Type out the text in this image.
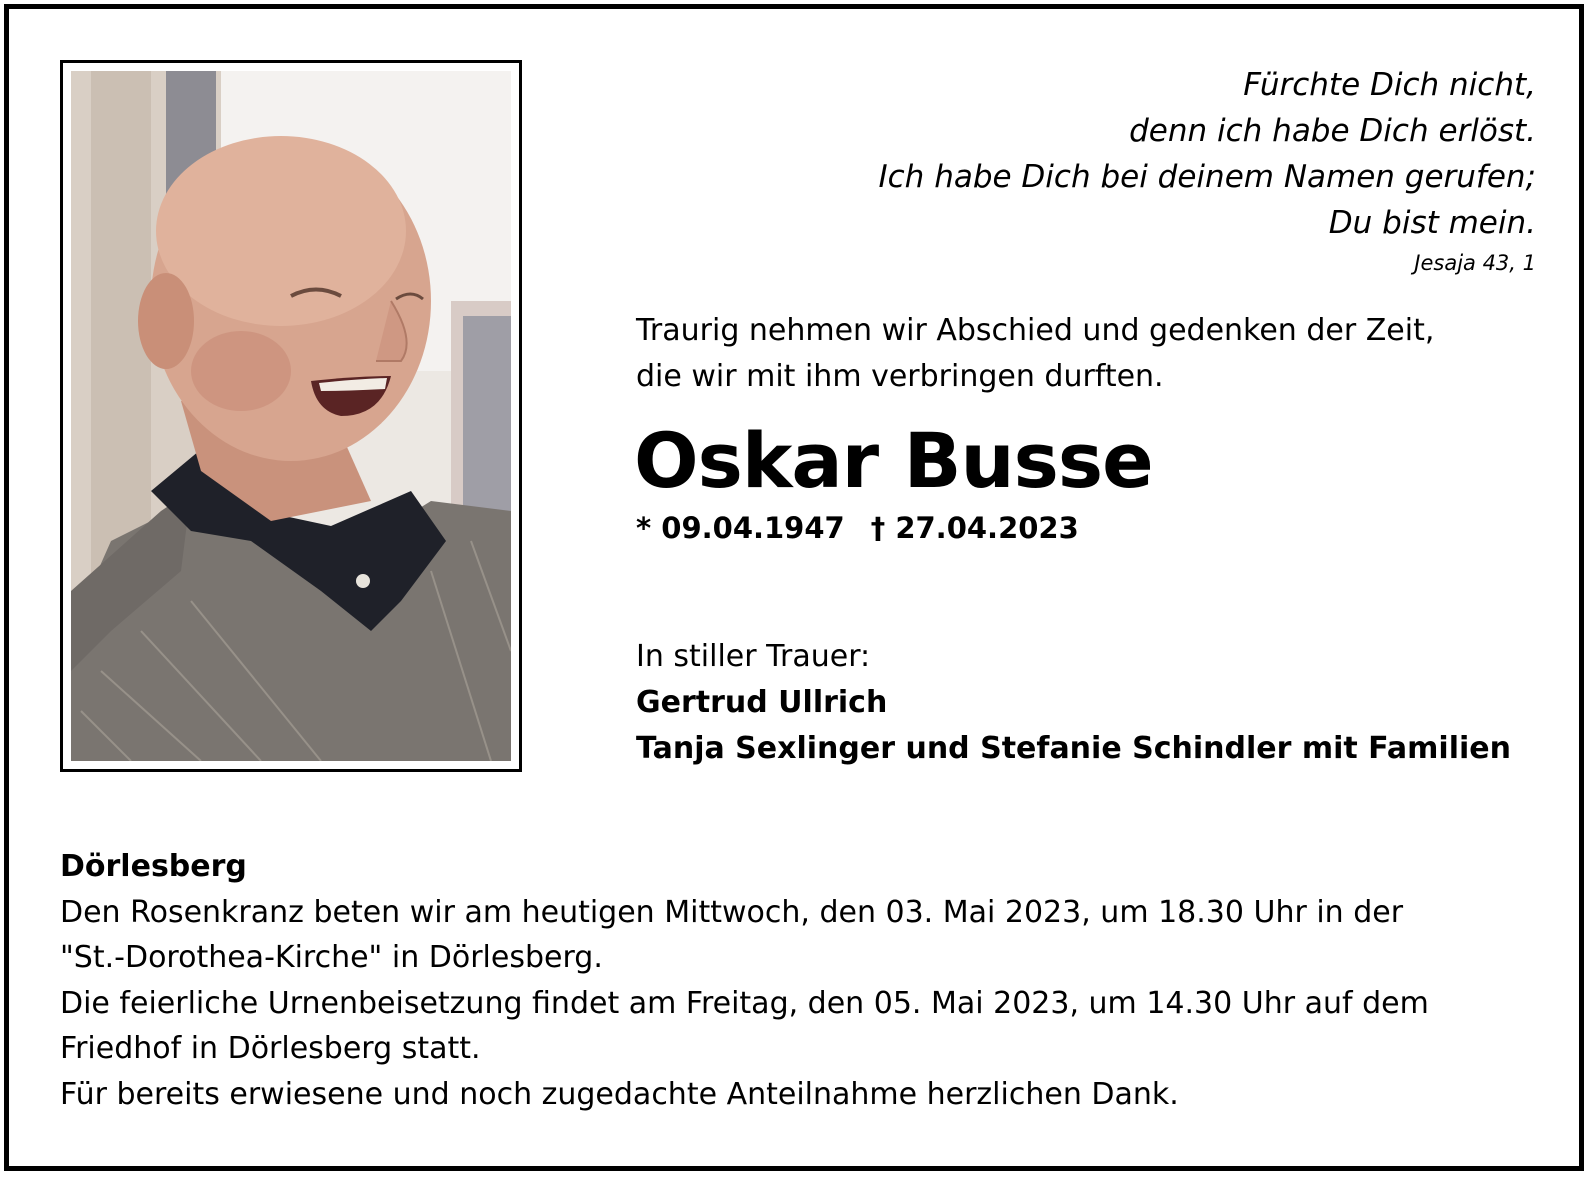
Fürchte Dich nicht,
denn ich habe Dich erlöst.
Ich habe Dich bei deinem Namen gerufen;
Du bist mein.
Jesaja 43, 1
Traurig nehmen wir Abschied und gedenken der Zeit,
die wir mit ihm verbringen durften.
Oskar Busse
* 09.04.1947 † 27.04.2023
In stiller Trauer:
Gertrud Ullrich
Tanja Sexlinger und Stefanie Schindler mit Familien
Dörlesberg
Den Rosenkranz beten wir am heutigen Mittwoch, den 03. Mai 2023, um 18.30 Uhr in der
"St.-Dorothea-Kirche" in Dörlesberg.
Die feierliche Urnenbeisetzung findet am Freitag, den 05. Mai 2023, um 14.30 Uhr auf dem
Friedhof in Dörlesberg statt.
Für bereits erwiesene und noch zugedachte Anteilnahme herzlichen Dank.
